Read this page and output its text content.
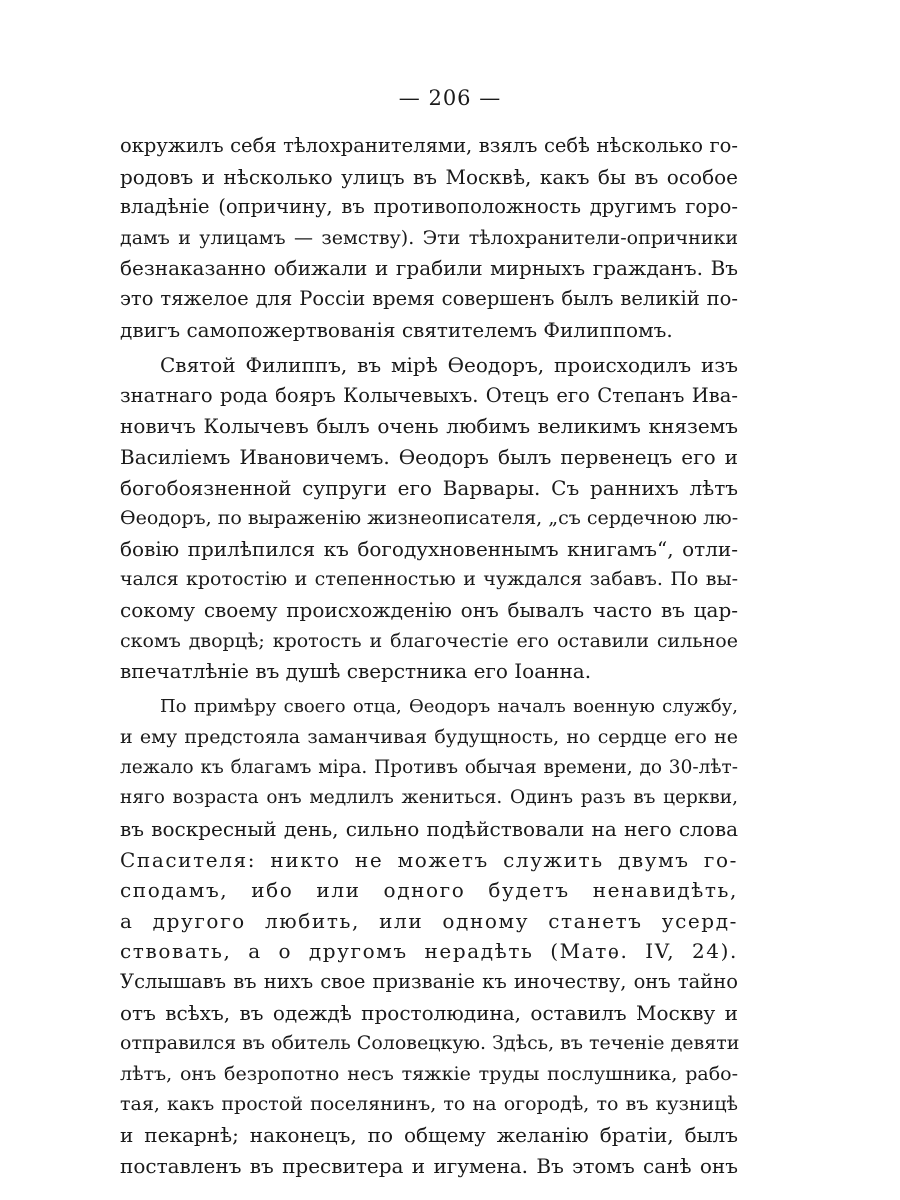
— 206 —
окружилъ себя тѣлохранителями, взялъ себѣ нѣсколько го-
родовъ и нѣсколько улицъ въ Москвѣ, какъ бы въ особое
владѣніе (опричину, въ противоположность другимъ горо-
дамъ и улицамъ — земству). Эти тѣлохранители-опричники
безнаказанно обижали и грабили мирныхъ гражданъ. Въ
это тяжелое для Россіи время совершенъ былъ великій по-
двигъ самопожертвованія святителемъ Филиппомъ.
Святой Филиппъ, въ мірѣ Ѳеодоръ, происходилъ изъ
знатнаго рода бояръ Колычевыхъ. Отецъ его Степанъ Ива-
новичъ Колычевъ былъ очень любимъ великимъ княземъ
Василіемъ Ивановичемъ. Ѳеодоръ былъ первенецъ его и
богобоязненной супруги его Варвары. Съ раннихъ лѣтъ
Ѳеодоръ, по выраженію жизнеописателя, „съ сердечною лю-
бовію прилѣпился къ богодухновеннымъ книгамъ“, отли-
чался кротостію и степенностью и чуждался забавъ. По вы-
сокому своему происхожденію онъ бывалъ часто въ цар-
скомъ дворцѣ; кротость и благочестіе его оставили сильное
впечатлѣніе въ душѣ сверстника его Іоанна.
По примѣру своего отца, Ѳеодоръ началъ военную службу,
и ему предстояла заманчивая будущность, но сердце его не
лежало къ благамъ міра. Противъ обычая времени, до 30-лѣт-
няго возраста онъ медлилъ жениться. Одинъ разъ въ церкви,
въ воскресный день, сильно подѣйствовали на него слова
Спасителя: никто не можетъ служить двумъ го-
сподамъ, ибо или одного будетъ ненавидѣть,
а другого любить, или одному станетъ усерд-
ствовать, а о другомъ нерадѣть (Матѳ. IV, 24).
Услышавъ въ нихъ свое призваніе къ иночеству, онъ тайно
отъ всѣхъ, въ одеждѣ простолюдина, оставилъ Москву и
отправился въ обитель Соловецкую. Здѣсь, въ теченіе девяти
лѣтъ, онъ безропотно несъ тяжкіе труды послушника, рабо-
тая, какъ простой поселянинъ, то на огородѣ, то въ кузницѣ
и пекарнѣ; наконецъ, по общему желанію братіи, былъ
поставленъ въ пресвитера и игумена. Въ этомъ санѣ онъ
